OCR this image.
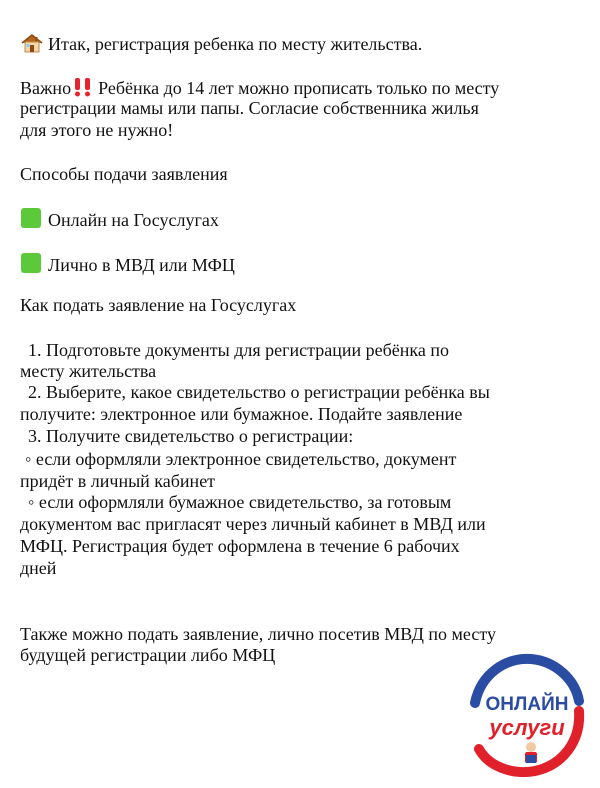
Итак, регистрация ребенка по месту жительства.
Важно Ребёнка до 14 лет можно прописать только по месту
регистрации мамы или папы. Согласие собственника жилья
для этого не нужно!
Способы подачи заявления
Онлайн на Госуслугах
Лично в МВД или МФЦ
Как подать заявление на Госуслугах
1. Подготовьте документы для регистрации ребёнка по
месту жительства
2. Выберите, какое свидетельство о регистрации ребёнка вы
получите: электронное или бумажное. Подайте заявление
3. Получите свидетельство о регистрации:
◦ если оформляли электронное свидетельство, документ
придёт в личный кабинет
◦ если оформляли бумажное свидетельство, за готовым
документом вас пригласят через личный кабинет в МВД или
МФЦ. Регистрация будет оформлена в течение 6 рабочих
дней
Также можно подать заявление, лично посетив МВД по месту
будущей регистрации либо МФЦ
ОНЛАЙН
услуги
